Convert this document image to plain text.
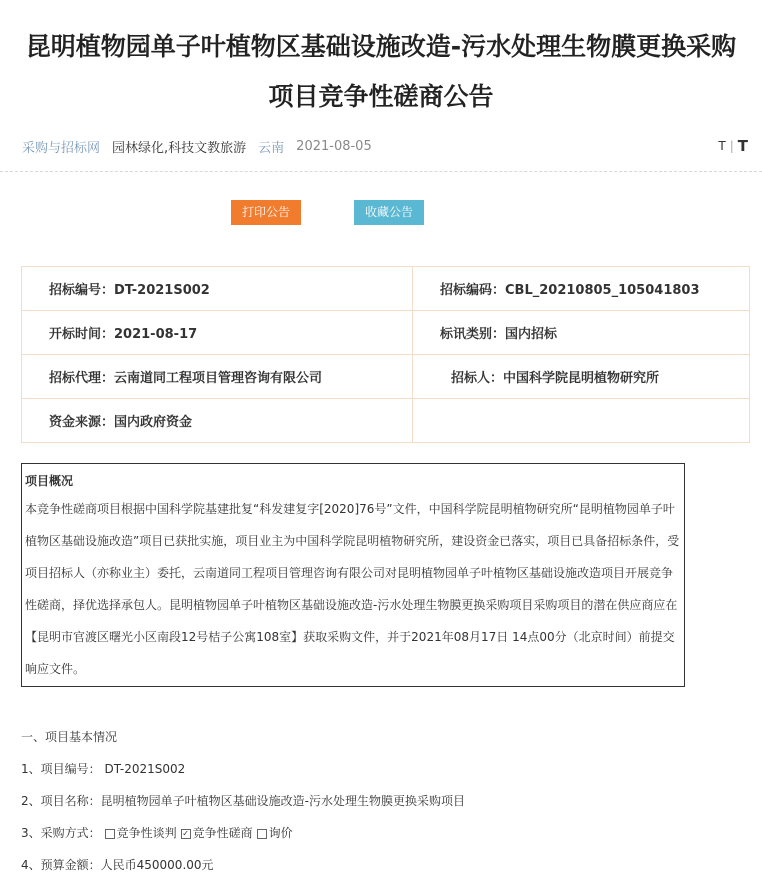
昆明植物园单子叶植物区基础设施改造-污水处理生物膜更换采购
项目竞争性磋商公告
采购与招标网 园林绿化,科技文教旅游 云南 2021-08-05	T | T
打印公告	收藏公告
招标编号：DT-2021S002	招标编码：CBL_20210805_105041803
开标时间：2021-08-17	标讯类别：国内招标
招标代理：云南道同工程项目管理咨询有限公司	招标人：中国科学院昆明植物研究所
资金来源：国内政府资金	
项目概况
本竞争性磋商项目根据中国科学院基建批复“科发建复字[2020]76号”文件，中国科学院昆明植物研究所“昆明植物园单子叶植物区基础设施改造”项目已获批实施，项目业主为中国科学院昆明植物研究所，建设资金已落实，项目已具备招标条件，受项目招标人（亦称业主）委托，云南道同工程项目管理咨询有限公司对昆明植物园单子叶植物区基础设施改造项目开展竞争性磋商，择优选择承包人。昆明植物园单子叶植物区基础设施改造-污水处理生物膜更换采购项目采购项目的潜在供应商应在【昆明市官渡区曙光小区南段12号桔子公寓108室】获取采购文件，并于2021年08月17日 14点00分（北京时间）前提交响应文件。
一、项目基本情况
1、项目编号： DT-2021S002
2、项目名称：昆明植物园单子叶植物区基础设施改造-污水处理生物膜更换采购项目
3、采购方式： 竞争性谈判 ✓ 竞争性磋商 询价
4、预算金额：人民币450000.00元
